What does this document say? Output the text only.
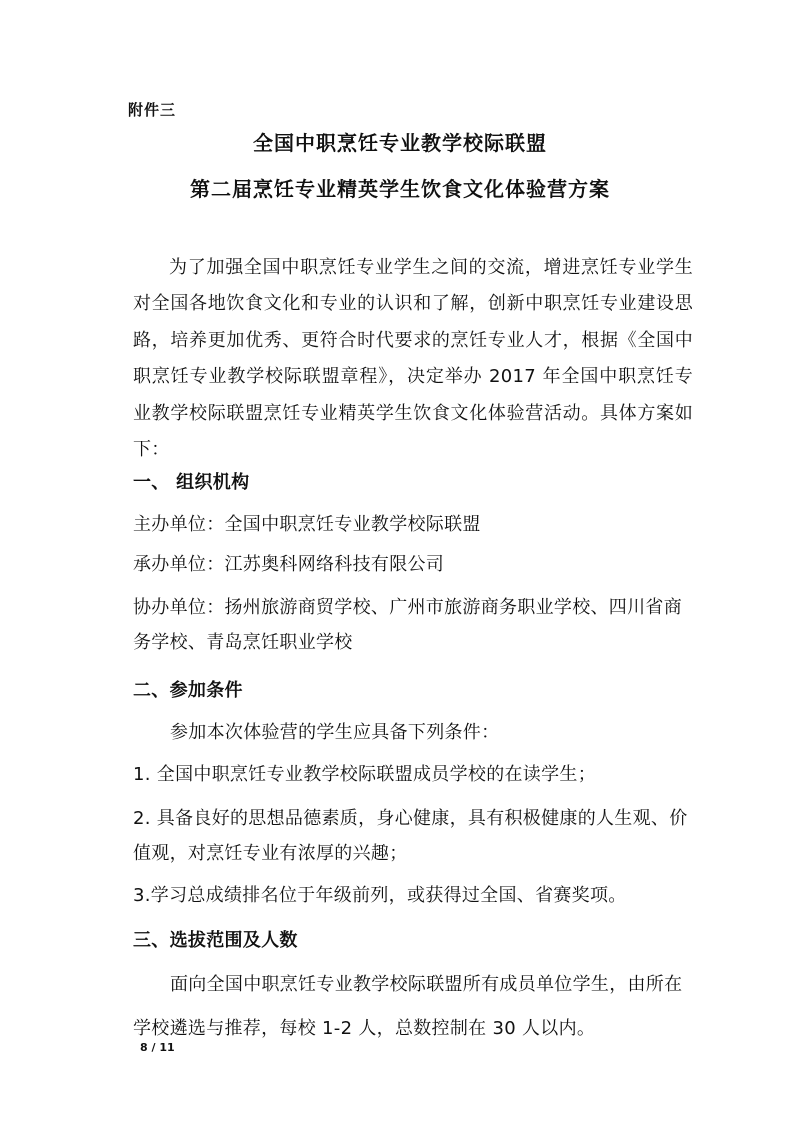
附件三
全国中职烹饪专业教学校际联盟
第二届烹饪专业精英学生饮食文化体验营方案
为了加强全国中职烹饪专业学生之间的交流，增进烹饪专业学生对全国各地饮食文化和专业的认识和了解，创新中职烹饪专业建设思路，培养更加优秀、更符合时代要求的烹饪专业人才，根据《全国中职烹饪专业教学校际联盟章程》，决定举办 2017 年全国中职烹饪专业教学校际联盟烹饪专业精英学生饮食文化体验营活动。具体方案如下：
一、 组织机构
主办单位：全国中职烹饪专业教学校际联盟
承办单位：江苏奥科网络科技有限公司
协办单位：扬州旅游商贸学校、广州市旅游商务职业学校、四川省商务学校、青岛烹饪职业学校
二、参加条件
参加本次体验营的学生应具备下列条件：
1. 全国中职烹饪专业教学校际联盟成员学校的在读学生；
2. 具备良好的思想品德素质，身心健康，具有积极健康的人生观、价值观，对烹饪专业有浓厚的兴趣；
3.学习总成绩排名位于年级前列，或获得过全国、省赛奖项。
三、选拔范围及人数
面向全国中职烹饪专业教学校际联盟所有成员单位学生，由所在
学校遴选与推荐，每校 1-2 人，总数控制在 30 人以内。
8 / 11
